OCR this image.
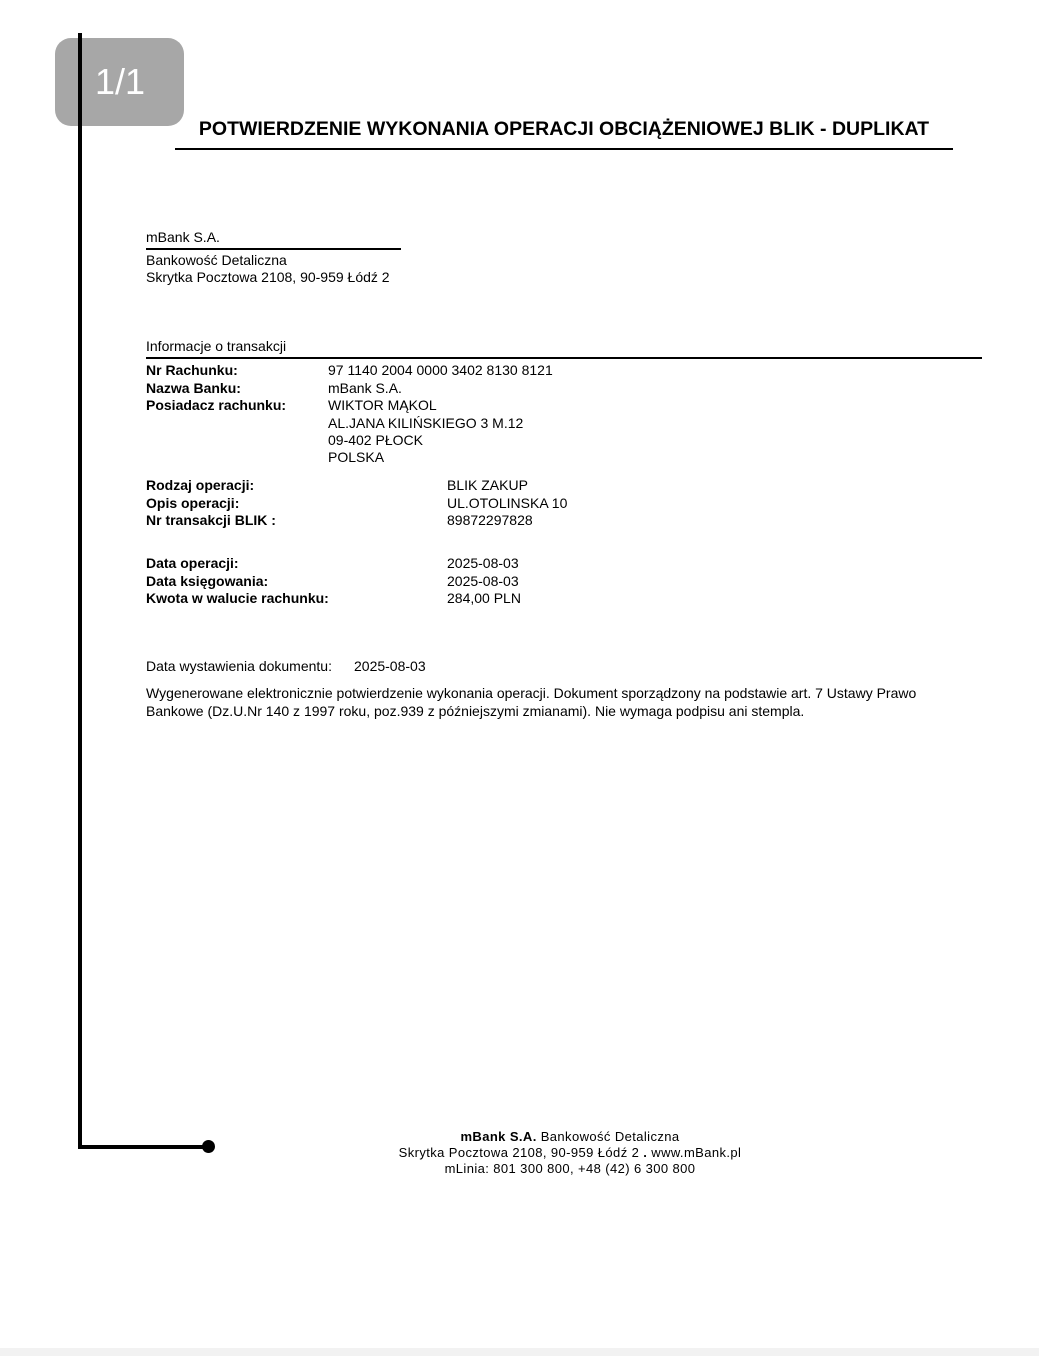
1/1
POTWIERDZENIE WYKONANIA OPERACJI OBCIĄŻENIOWEJ BLIK - DUPLIKAT
mBank S.A.
Bankowość Detaliczna
Skrytka Pocztowa 2108, 90-959 Łódź 2
Informacje o transakcji
Nr Rachunku:	97 1140 2004 0000 3402 8130 8121
Nazwa Banku:	mBank S.A.
Posiadacz rachunku:	WIKTOR MĄKOL
AL.JANA KILIŃSKIEGO 3 M.12
09-402 PŁOCK
POLSKA
Rodzaj operacji:	BLIK ZAKUP
Opis operacji:	UL.OTOLINSKA 10
Nr transakcji BLIK :	89872297828
Data operacji:	2025-08-03
Data księgowania:	2025-08-03
Kwota w walucie rachunku:	284,00 PLN
Data wystawienia dokumentu: 2025-08-03
Wygenerowane elektronicznie potwierdzenie wykonania operacji. Dokument sporządzony na podstawie art. 7 Ustawy Prawo Bankowe (Dz.U.Nr 140 z 1997 roku, poz.939 z późniejszymi zmianami). Nie wymaga podpisu ani stempla.
mBank S.A. Bankowość Detaliczna
Skrytka Pocztowa 2108, 90-959 Łódź 2 . www.mBank.pl
mLinia: 801 300 800, +48 (42) 6 300 800
